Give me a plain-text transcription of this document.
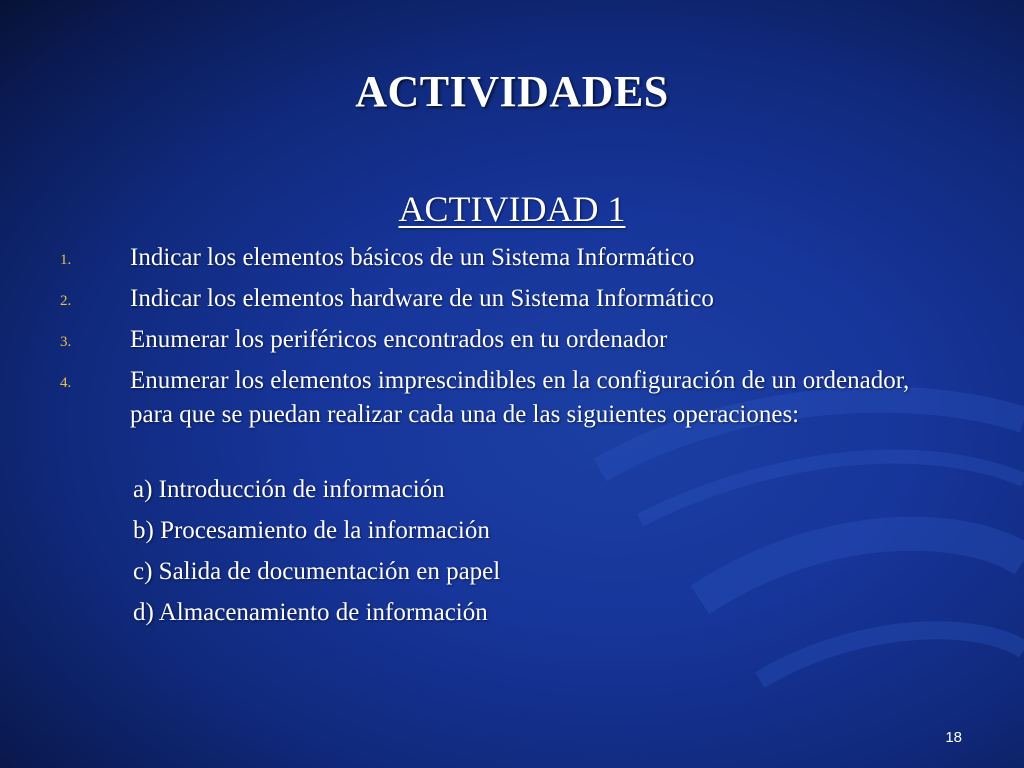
ACTIVIDADES
ACTIVIDAD 1
1. Indicar los elementos básicos de un Sistema Informático
2. Indicar los elementos hardware de un Sistema Informático
3. Enumerar los periféricos encontrados en tu ordenador
4. Enumerar los elementos imprescindibles en la configuración de un ordenador, para que se puedan realizar cada una de las siguientes operaciones:
a) Introducción de información
b) Procesamiento de la información
c) Salida de documentación en papel
d) Almacenamiento de información
18
